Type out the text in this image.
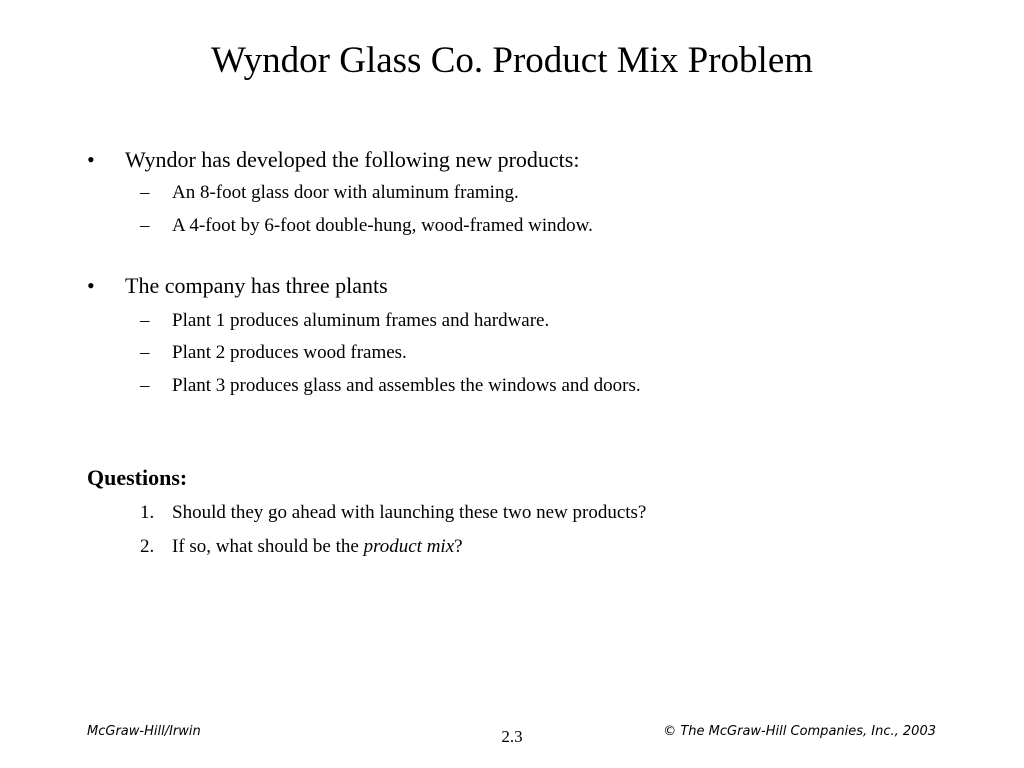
Wyndor Glass Co. Product Mix Problem
• Wyndor has developed the following new products:
– An 8-foot glass door with aluminum framing.
– A 4-foot by 6-foot double-hung, wood-framed window.
• The company has three plants
– Plant 1 produces aluminum frames and hardware.
– Plant 2 produces wood frames.
– Plant 3 produces glass and assembles the windows and doors.
Questions:
1. Should they go ahead with launching these two new products?
2. If so, what should be the product mix?
McGraw-Hill/Irwin	2.3	© The McGraw-Hill Companies, Inc., 2003
